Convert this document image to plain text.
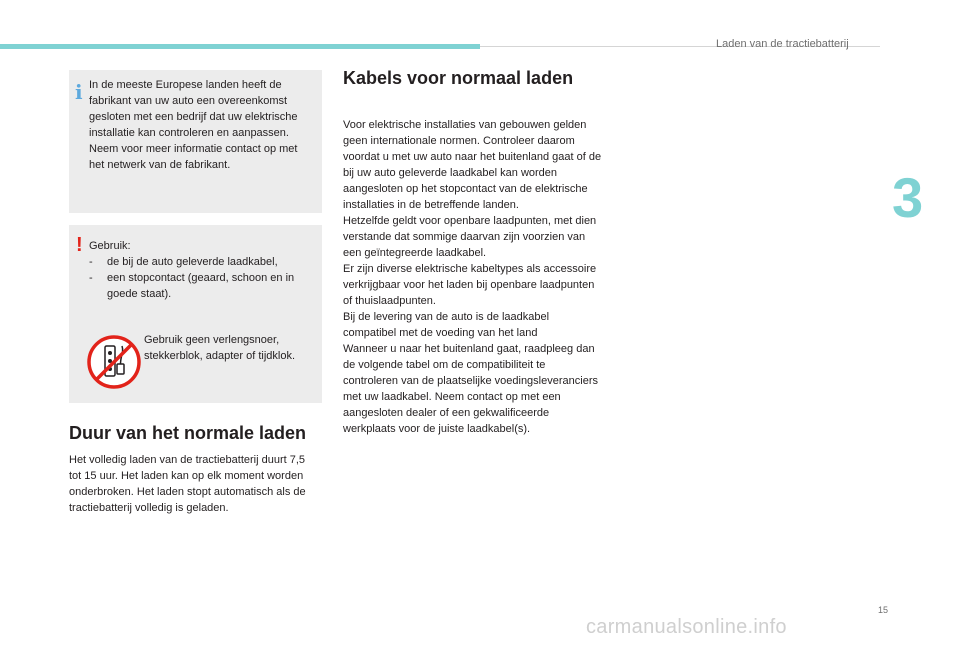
Laden van de tractiebatterij
3
i In de meeste Europese landen heeft de fabrikant van uw auto een overeenkomst gesloten met een bedrijf dat uw elektrische installatie kan controleren en aanpassen. Neem voor meer informatie contact op met het netwerk van de fabrikant.
! Gebruik:
-	de bij de auto geleverde laadkabel,
-	een stopcontact (geaard, schoon en in goede staat).
Gebruik geen verlengsnoer, stekkerblok, adapter of tijdklok.
Duur van het normale laden
Het volledig laden van de tractiebatterij duurt 7,5 tot 15 uur. Het laden kan op elk moment worden onderbroken. Het laden stopt automatisch als de tractiebatterij volledig is geladen.
Kabels voor normaal laden
Voor elektrische installaties van gebouwen gelden geen internationale normen. Controleer daarom voordat u met uw auto naar het buitenland gaat of de bij uw auto geleverde laadkabel kan worden aangesloten op het stopcontact van de elektrische installaties in de betreffende landen.
Hetzelfde geldt voor openbare laadpunten, met dien verstande dat sommige daarvan zijn voorzien van een geïntegreerde laadkabel.
Er zijn diverse elektrische kabeltypes als accessoire verkrijgbaar voor het laden bij openbare laadpunten of thuislaadpunten.
Bij de levering van de auto is de laadkabel compatibel met de voeding van het land
Wanneer u naar het buitenland gaat, raadpleeg dan de volgende tabel om de compatibiliteit te controleren van de plaatselijke voedingsleveranciers met uw laadkabel. Neem contact op met een aangesloten dealer of een gekwalificeerde werkplaats voor de juiste laadkabel(s).
15
carmanualsonline.info
